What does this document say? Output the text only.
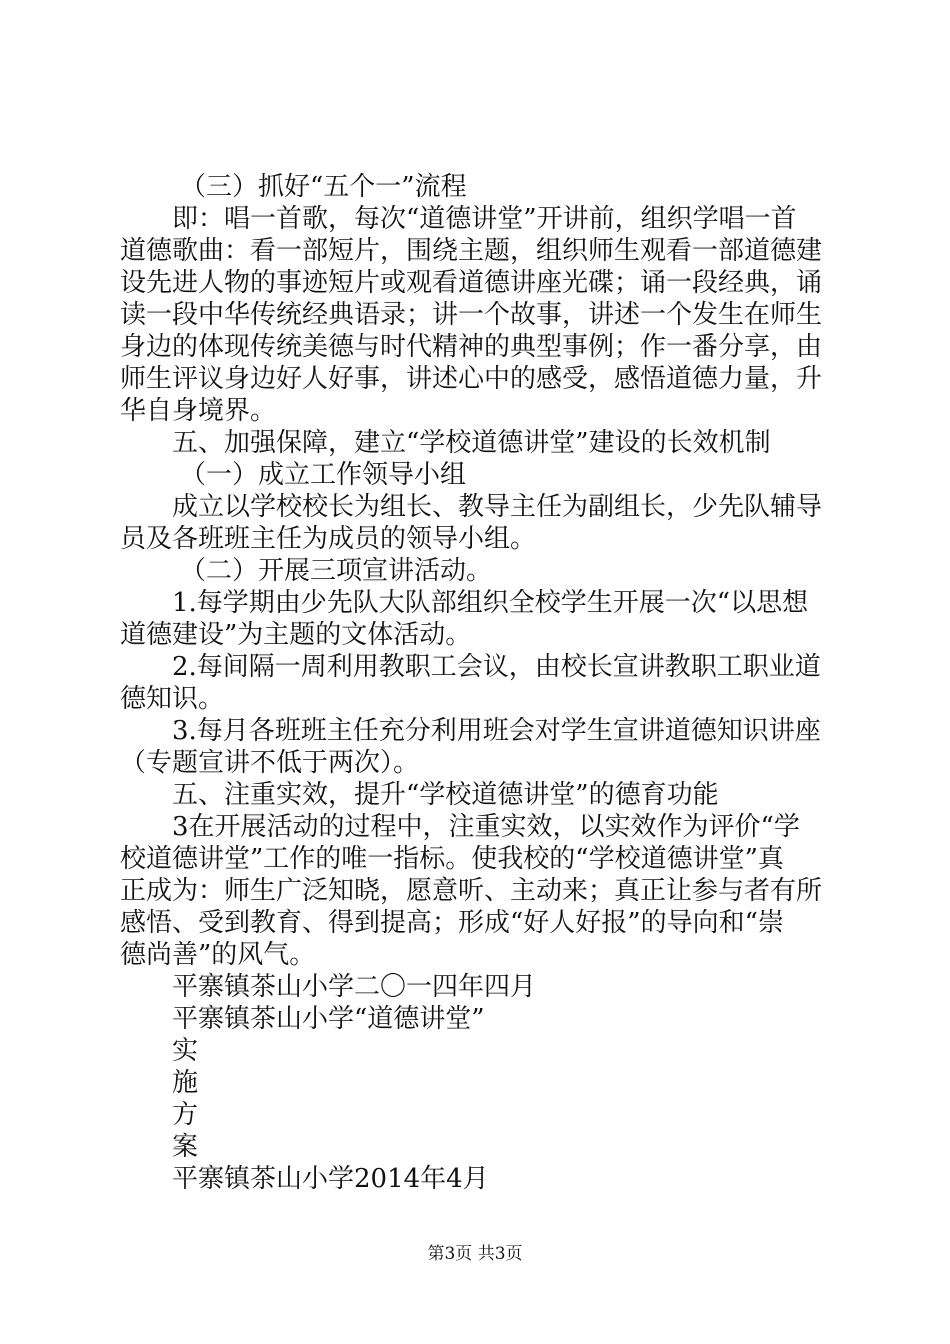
（三）抓好“五个一”流程
即：唱一首歌，每次“道德讲堂”开讲前，组织学唱一首
道德歌曲：看一部短片，围绕主题，组织师生观看一部道德建
设先进人物的事迹短片或观看道德讲座光碟；诵一段经典，诵
读一段中华传统经典语录；讲一个故事，讲述一个发生在师生
身边的体现传统美德与时代精神的典型事例；作一番分享，由
师生评议身边好人好事，讲述心中的感受，感悟道德力量，升
华自身境界。
五、加强保障，建立“学校道德讲堂”建设的长效机制
（一）成立工作领导小组
成立以学校校长为组长、教导主任为副组长，少先队辅导
员及各班班主任为成员的领导小组。
（二）开展三项宣讲活动。
1.每学期由少先队大队部组织全校学生开展一次“以思想
道德建设”为主题的文体活动。
2.每间隔一周利用教职工会议，由校长宣讲教职工职业道
德知识。
3.每月各班班主任充分利用班会对学生宣讲道德知识讲座
（专题宣讲不低于两次）。
五、注重实效，提升“学校道德讲堂”的德育功能
3在开展活动的过程中，注重实效，以实效作为评价“学
校道德讲堂”工作的唯一指标。使我校的“学校道德讲堂”真
正成为：师生广泛知晓，愿意听、主动来；真正让参与者有所
感悟、受到教育、得到提高；形成“好人好报”的导向和“崇
德尚善”的风气。
平寨镇茶山小学二〇一四年四月
平寨镇茶山小学“道德讲堂”
实
施
方
案
平寨镇茶山小学2014年4月
第3页 共3页
